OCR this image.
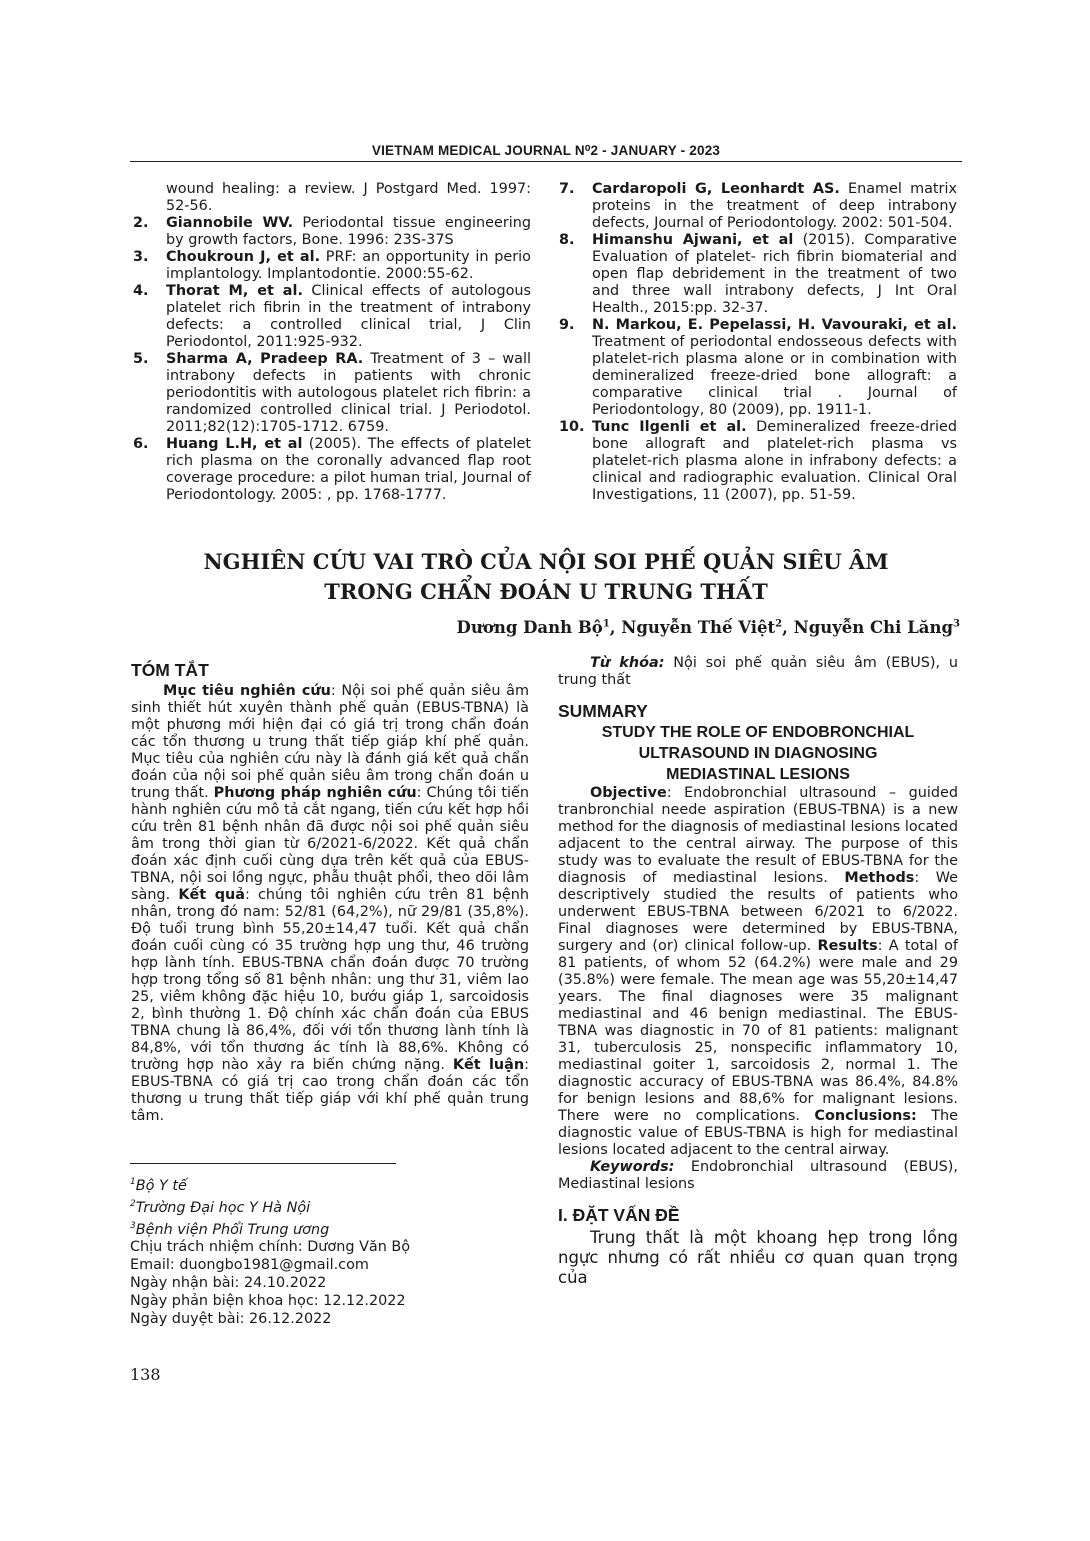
VIETNAM MEDICAL JOURNAL N⁰2 - JANUARY - 2023

wound healing: a review. J Postgard Med. 1997: 52-56.

2. Giannobile WV. Periodontal tissue engineering by growth factors, Bone. 1996: 23S-37S

3. Choukroun J, et al. PRF: an opportunity in perio implantology. Implantodontie. 2000:55-62.

4. Thorat M, et al. Clinical effects of autologous platelet rich fibrin in the treatment of intrabony defects: a controlled clinical trial, J Clin Periodontol, 2011:925-932.

5. Sharma A, Pradeep RA. Treatment of 3 – wall intrabony defects in patients with chronic periodontitis with autologous platelet rich fibrin: a randomized controlled clinical trial. J Periodotol. 2011;82(12):1705-1712. 6759.

6. Huang L.H, et al (2005). The effects of platelet rich plasma on the coronally advanced flap root coverage procedure: a pilot human trial, Journal of Periodontology. 2005: , pp. 1768-1777.

7. Cardaropoli G, Leonhardt AS. Enamel matrix proteins in the treatment of deep intrabony defects, Journal of Periodontology. 2002: 501-504.

8. Himanshu Ajwani, et al (2015). Comparative Evaluation of platelet- rich fibrin biomaterial and open flap debridement in the treatment of two and three wall intrabony defects, J Int Oral Health., 2015:pp. 32-37.

9. N. Markou, E. Pepelassi, H. Vavouraki, et al. Treatment of periodontal endosseous defects with platelet-rich plasma alone or in combination with demineralized freeze-dried bone allograft: a comparative clinical trial . Journal of Periodontology, 80 (2009), pp. 1911-1.

10. Tunc Ilgenli et al. Demineralized freeze-dried bone allograft and platelet-rich plasma vs platelet-rich plasma alone in infrabony defects: a clinical and radiographic evaluation. Clinical Oral Investigations, 11 (2007), pp. 51-59.

NGHIÊN CỨU VAI TRÒ CỦA NỘI SOI PHẾ QUẢN SIÊU ÂM
TRONG CHẨN ĐOÁN U TRUNG THẤT
Dương Danh Bộ$^1$, Nguyễn Thế Việt$^2$, Nguyễn Chi Lăng$^3$
TÓM TẮT
Mục tiêu nghiên cứu: Nội soi phế quản siêu âm sinh thiết hút xuyên thành phế quản (EBUS-TBNA) là một phương mới hiện đại có giá trị trong chẩn đoán các tổn thương u trung thất tiếp giáp khí phế quản. Mục tiêu của nghiên cứu này là đánh giá kết quả chẩn đoán của nội soi phế quản siêu âm trong chẩn đoán u trung thất. Phương pháp nghiên cứu: Chúng tôi tiến hành nghiên cứu mô tả cắt ngang, tiến cứu kết hợp hồi cứu trên 81 bệnh nhân đã được nội soi phế quản siêu âm trong thời gian từ 6/2021-6/2022. Kết quả chẩn đoán xác định cuối cùng dựa trên kết quả của EBUS-TBNA, nội soi lồng ngực, phẫu thuật phổi, theo dõi lâm sàng. Kết quả: chúng tôi nghiên cứu trên 81 bệnh nhân, trong đó nam: 52/81 (64,2%), nữ 29/81 (35,8%). Độ tuổi trung bình 55,20±14,47 tuổi. Kết quả chẩn đoán cuối cùng có 35 trường hợp ung thư, 46 trường hợp lành tính. EBUS-TBNA chẩn đoán được 70 trường hợp trong tổng số 81 bệnh nhân: ung thư 31, viêm lao 25, viêm không đặc hiệu 10, bướu giáp 1, sarcoidosis 2, bình thường 1. Độ chính xác chẩn đoán của EBUS TBNA chung là 86,4%, đối với tổn thương lành tính là 84,8%, với tổn thương ác tính là 88,6%. Không có trường hợp nào xảy ra biến chứng nặng. Kết luận: EBUS-TBNA có giá trị cao trong chẩn đoán các tổn thương u trung thất tiếp giáp với khí phế quản trung tâm.
Từ khóa: Nội soi phế quản siêu âm (EBUS), u trung thất
SUMMARY
STUDY THE ROLE OF ENDOBRONCHIAL
ULTRASOUND IN DIAGNOSING
MEDIASTINAL LESIONS
Objective: Endobronchial ultrasound – guided tranbronchial neede aspiration (EBUS-TBNA) is a new method for the diagnosis of mediastinal lesions located adjacent to the central airway. The purpose of this study was to evaluate the result of EBUS-TBNA for the diagnosis of mediastinal lesions. Methods: We descriptively studied the results of patients who underwent EBUS-TBNA between 6/2021 to 6/2022. Final diagnoses were determined by EBUS-TBNA, surgery and (or) clinical follow-up. Results: A total of 81 patients, of whom 52 (64.2%) were male and 29 (35.8%) were female. The mean age was 55,20±14,47 years. The final diagnoses were 35 malignant mediastinal and 46 benign mediastinal. The EBUS-TBNA was diagnostic in 70 of 81 patients: malignant 31, tuberculosis 25, nonspecific inflammatory 10, mediastinal goiter 1, sarcoidosis 2, normal 1. The diagnostic accuracy of EBUS-TBNA was 86.4%, 84.8% for benign lesions and 88,6% for malignant lesions. There were no complications. Conclusions: The diagnostic value of EBUS-TBNA is high for mediastinal lesions located adjacent to the central airway.
Keywords: Endobronchial ultrasound (EBUS), Mediastinal lesions
I. ĐẶT VẤN ĐỀ
Trung thất là một khoang hẹp trong lồng ngực nhưng có rất nhiều cơ quan quan trọng của
$^1$Bộ Y tế
$^2$Trường Đại học Y Hà Nội
$^3$Bệnh viện Phổi Trung ương
Chịu trách nhiệm chính: Dương Văn Bộ
Email: duongbo1981@gmail.com
Ngày nhận bài: 24.10.2022
Ngày phản biện khoa học: 12.12.2022
Ngày duyệt bài: 26.12.2022
138
